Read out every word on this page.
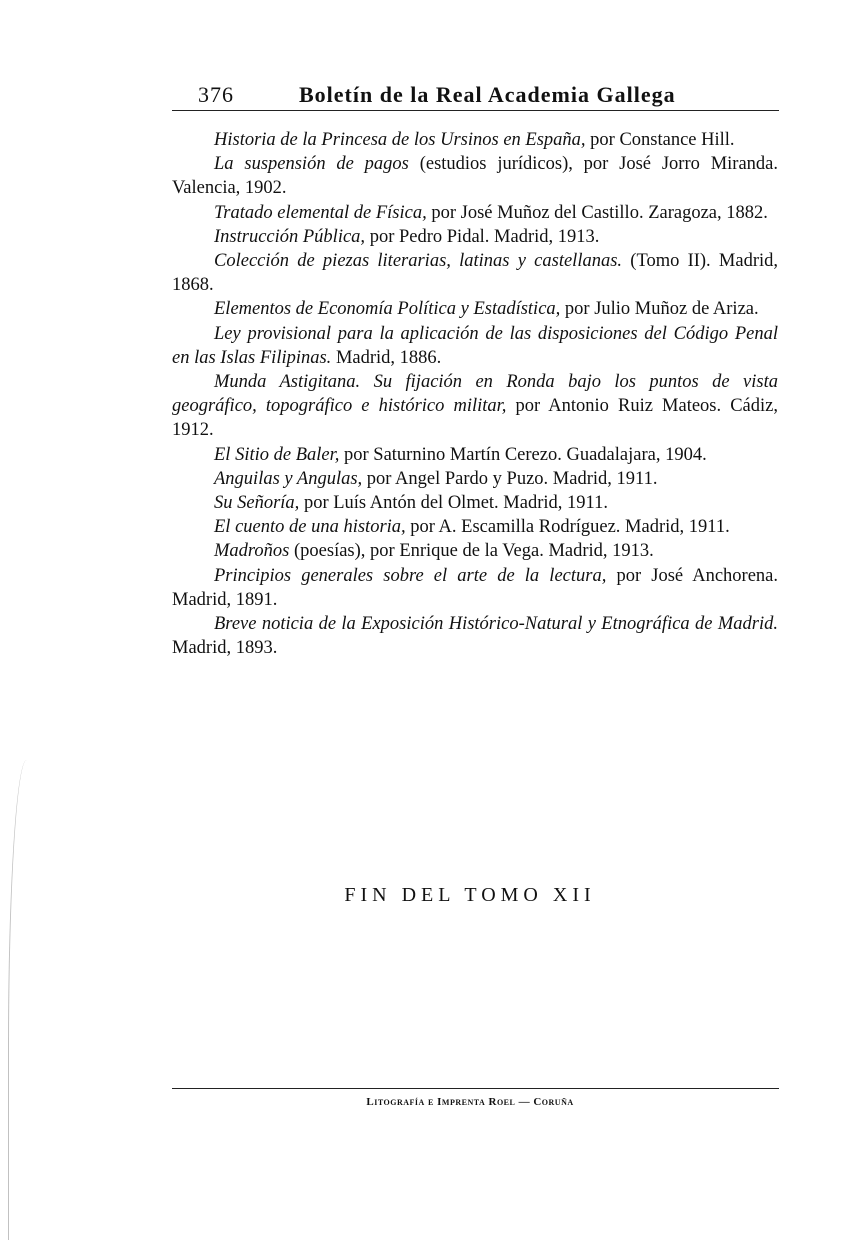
376	Boletín de la Real Academia Gallega

Historia de la Princesa de los Ursinos en España, por Constance Hill.

La suspensión de pagos (estudios jurídicos), por José Jorro Miranda. Valencia, 1902.

Tratado elemental de Física, por José Muñoz del Castillo. Zaragoza, 1882.

Instrucción Pública, por Pedro Pidal. Madrid, 1913.

Colección de piezas literarias, latinas y castellanas. (Tomo II). Madrid, 1868.

Elementos de Economía Política y Estadística, por Julio Muñoz de Ariza.

Ley provisional para la aplicación de las disposiciones del Código Penal en las Islas Filipinas. Madrid, 1886.

Munda Astigitana. Su fijación en Ronda bajo los puntos de vista geográfico, topográfico e histórico militar, por Antonio Ruiz Mateos. Cádiz, 1912.

El Sitio de Baler, por Saturnino Martín Cerezo. Guadalajara, 1904.

Anguilas y Angulas, por Angel Pardo y Puzo. Madrid, 1911.

Su Señoría, por Luís Antón del Olmet. Madrid, 1911.

El cuento de una historia, por A. Escamilla Rodríguez. Madrid, 1911.

Madroños (poesías), por Enrique de la Vega. Madrid, 1913.

Principios generales sobre el arte de la lectura, por José Anchorena. Madrid, 1891.

Breve noticia de la Exposición Histórico-Natural y Etnográfica de Madrid. Madrid, 1893.

FIN DEL TOMO XII
Litografía e Imprenta Roel — Coruña
